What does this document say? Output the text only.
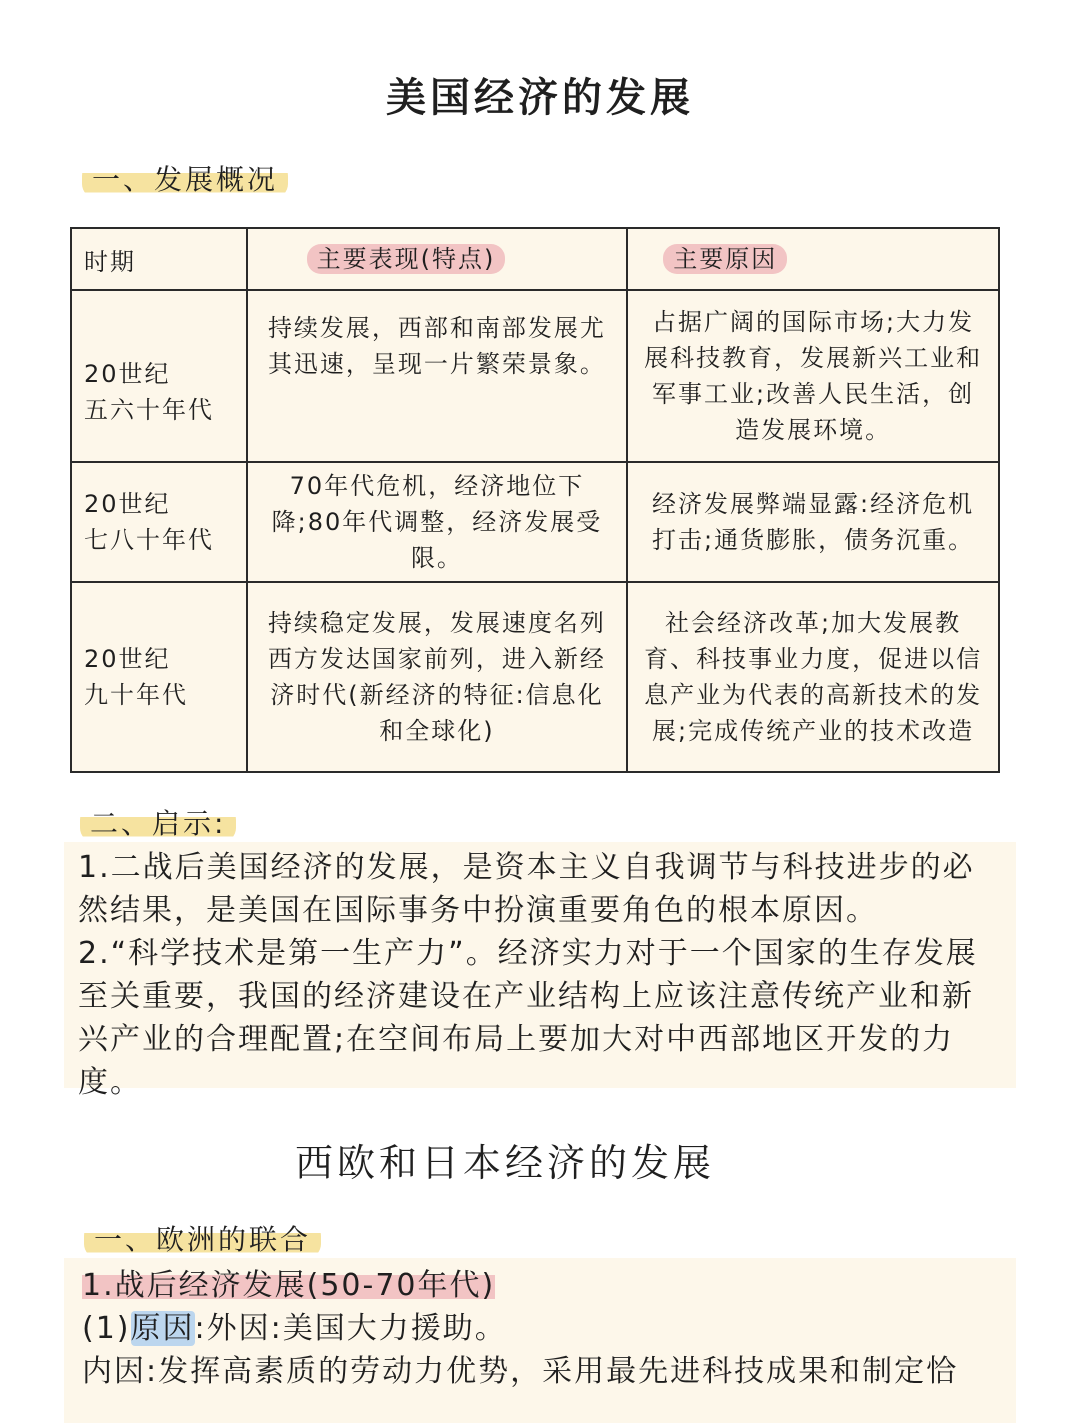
美国经济的发展
一、发展概况
时期	主要表现(特点)	主要原因

20世纪
五六十年代	持续发展，西部和南部发展尤其迅速，呈现一片繁荣景象。	占据广阔的国际市场;大力发展科技教育，发展新兴工业和军事工业;改善人民生活，创造发展环境。

20世纪
七八十年代	70年代危机，经济地位下降;80年代调整，经济发展受限。	经济发展弊端显露:经济危机打击;通货膨胀，债务沉重。

20世纪
九十年代	持续稳定发展，发展速度名列西方发达国家前列，进入新经济时代(新经济的特征:信息化和全球化)	社会经济改革;加大发展教育、科技事业力度，促进以信息产业为代表的高新技术的发展;完成传统产业的技术改造
二、启示:
1.二战后美国经济的发展，是资本主义自我调节与科技进步的必然结果，是美国在国际事务中扮演重要角色的根本原因。
2.“科学技术是第一生产力”。经济实力对于一个国家的生存发展至关重要，我国的经济建设在产业结构上应该注意传统产业和新兴产业的合理配置;在空间布局上要加大对中西部地区开发的力度。
西欧和日本经济的发展
一、欧洲的联合

1.战后经济发展(50-70年代)

(1)原因:外因:美国大力援助。

内因:发挥高素质的劳动力优势，采用最先进科技成果和制定恰
